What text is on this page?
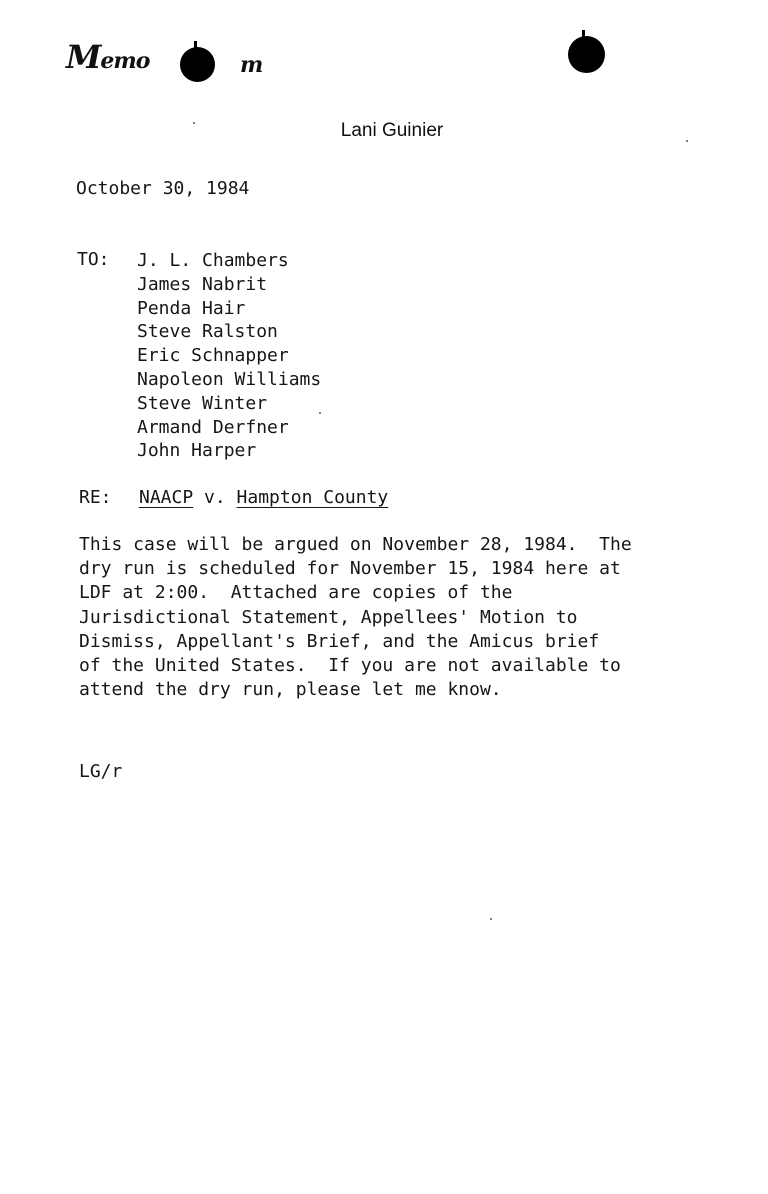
Memo	m
Lani Guinier
October 30, 1984
TO: J. L. Chambers
James Nabrit
Penda Hair
Steve Ralston
Eric Schnapper
Napoleon Williams
Steve Winter
Armand Derfner
John Harper
RE: NAACP v. Hampton County
This case will be argued on November 28, 1984.  The
dry run is scheduled for November 15, 1984 here at
LDF at 2:00.  Attached are copies of the
Jurisdictional Statement, Appellees' Motion to
Dismiss, Appellant's Brief, and the Amicus brief
of the United States.  If you are not available to
attend the dry run, please let me know.
LG/r
